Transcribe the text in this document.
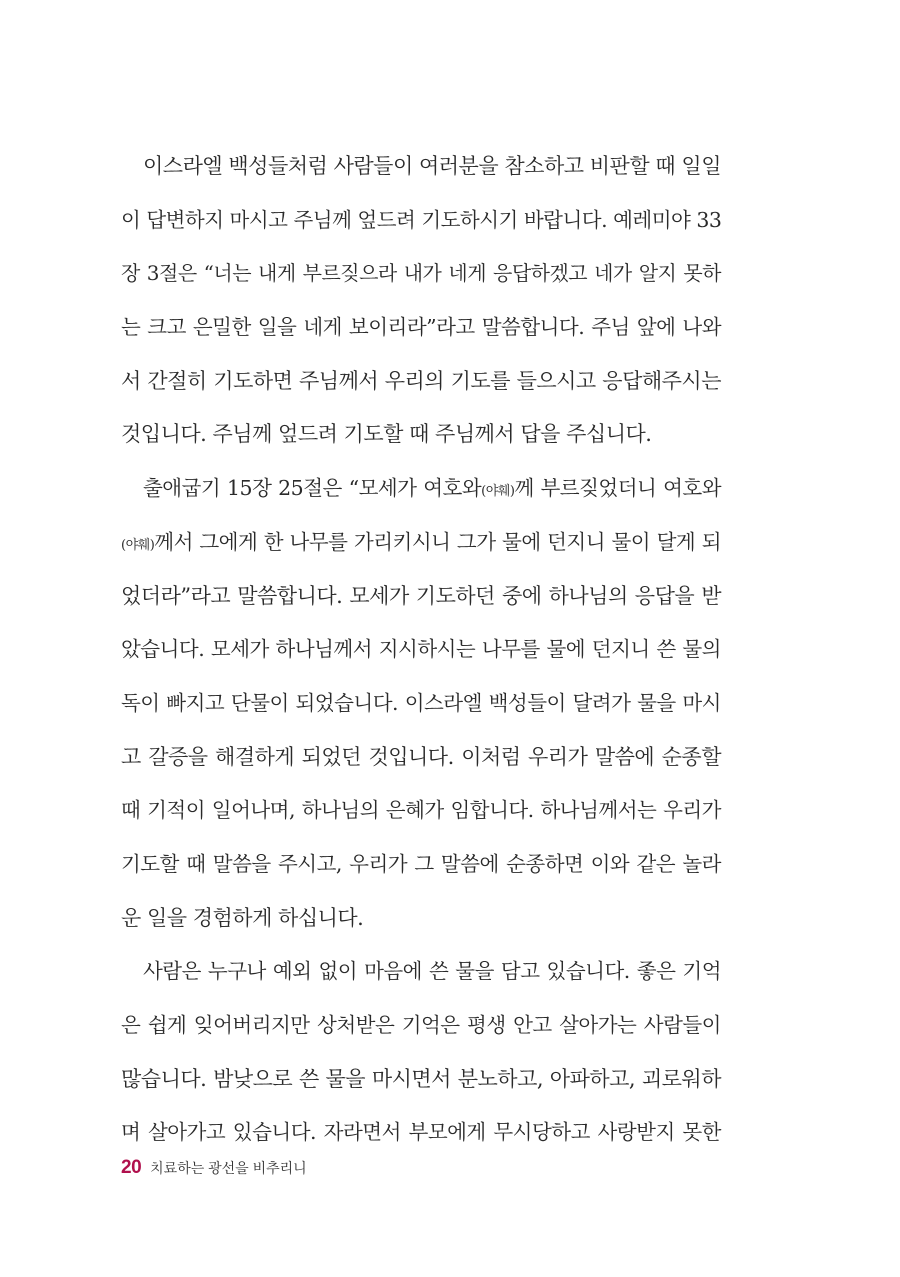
이스라엘 백성들처럼 사람들이 여러분을 참소하고 비판할 때 일일
이 답변하지 마시고 주님께 엎드려 기도하시기 바랍니다. 예레미야 33
장 3절은 “너는 내게 부르짖으라 내가 네게 응답하겠고 네가 알지 못하
는 크고 은밀한 일을 네게 보이리라”라고 말씀합니다. 주님 앞에 나와
서 간절히 기도하면 주님께서 우리의 기도를 들으시고 응답해주시는
것입니다. 주님께 엎드려 기도할 때 주님께서 답을 주십니다.
출애굽기 15장 25절은 “모세가 여호와(야훼)께 부르짖었더니 여호와
(야훼)께서 그에게 한 나무를 가리키시니 그가 물에 던지니 물이 달게 되
었더라”라고 말씀합니다. 모세가 기도하던 중에 하나님의 응답을 받
았습니다. 모세가 하나님께서 지시하시는 나무를 물에 던지니 쓴 물의
독이 빠지고 단물이 되었습니다. 이스라엘 백성들이 달려가 물을 마시
고 갈증을 해결하게 되었던 것입니다. 이처럼 우리가 말씀에 순종할
때 기적이 일어나며, 하나님의 은혜가 임합니다. 하나님께서는 우리가
기도할 때 말씀을 주시고, 우리가 그 말씀에 순종하면 이와 같은 놀라
운 일을 경험하게 하십니다.
사람은 누구나 예외 없이 마음에 쓴 물을 담고 있습니다. 좋은 기억
은 쉽게 잊어버리지만 상처받은 기억은 평생 안고 살아가는 사람들이
많습니다. 밤낮으로 쓴 물을 마시면서 분노하고, 아파하고, 괴로워하
며 살아가고 있습니다. 자라면서 부모에게 무시당하고 사랑받지 못한
20 치료하는 광선을 비추리니
